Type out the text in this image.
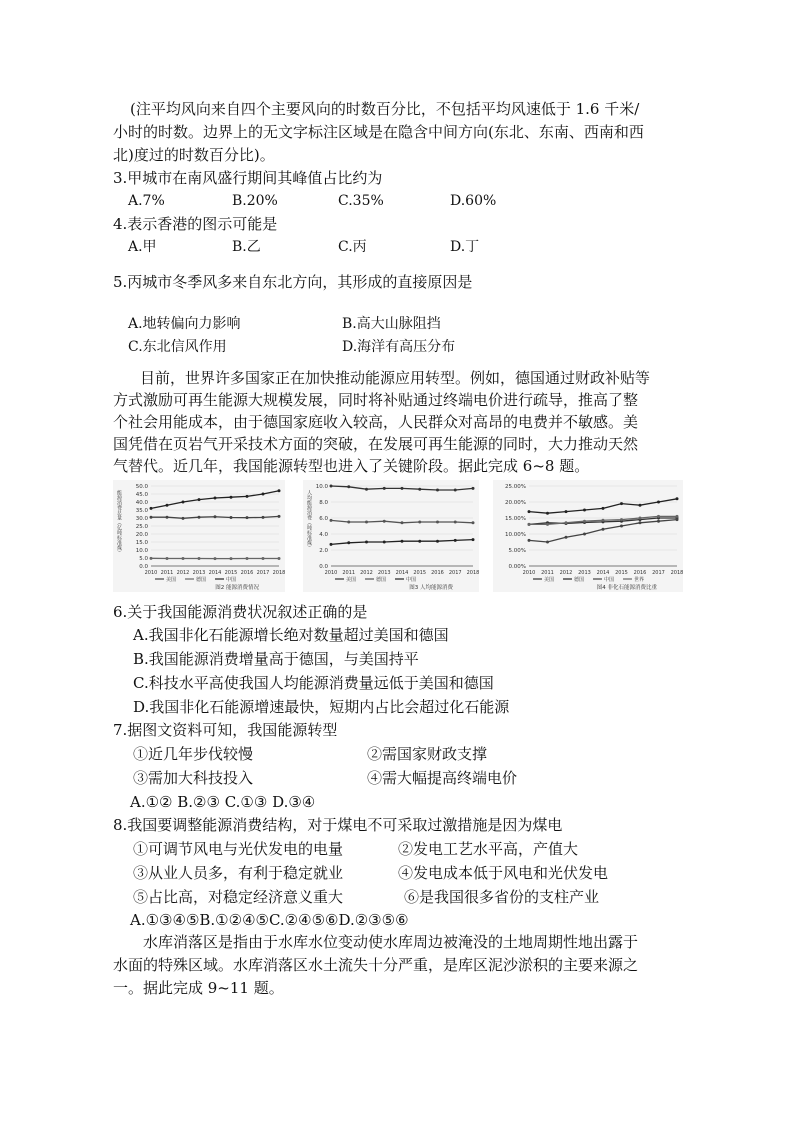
(注平均风向来自四个主要风向的时数百分比，不包括平均风速低于 1.6 千米/
小时的时数。边界上的无文字标注区域是在隐含中间方向(东北、东南、西南和西
北)度过的时数百分比)。
3.甲城市在南风盛行期间其峰值占比约为
A.7%	B.20%	C.35%	D.60%
4.表示香港的图示可能是
A.甲	B.乙	C.丙	D.丁
5.丙城市冬季风多来自东北方向，其形成的直接原因是
A.地转偏向力影响	B.高大山脉阻挡
C.东北信风作用	D.海洋有高压分布
目前，世界许多国家正在加快推动能源应用转型。例如，德国通过财政补贴等
方式激励可再生能源大规模发展，同时将补贴通过终端电价进行疏导，推高了整
个社会用能成本，由于德国家庭收入较高，人民群众对高昂的电费并不敏感。美
国凭借在页岩气开采技术方面的突破，在发展可再生能源的同时，大力推动天然
气替代。近几年，我国能源转型也进入了关键阶段。据此完成 6~8 题。
0.0
5.0
10.0
15.0
20.0
25.0
30.0
35.0
40.0
45.0
50.0
2010 2011 2012 2013 2014 2015 2016 2017 2018
美国	德国	中国
图2 能源消费情况
能源消费总量（亿吨标准煤）
0.0
2.0
4.0
6.0
8.0
10.0
2010 2011 2012 2013 2014 2015 2016 2017 2018
美国	德国	中国
图3 人均能源消费
人均能源消费（吨标准煤）
0.00%
5.00%
10.00%
15.00%
20.00%
25.00%
2010 2011 2012 2013 2014 2015 2016 2017 2018
美国	德国	中国	世界
图4 非化石能源消费比重
6.关于我国能源消费状况叙述正确的是
A.我国非化石能源增长绝对数量超过美国和德国
B.我国能源消费增量高于德国，与美国持平
C.科技水平高使我国人均能源消费量远低于美国和德国
D.我国非化石能源增速最快，短期内占比会超过化石能源
7.据图文资料可知，我国能源转型
①近几年步伐较慢	②需国家财政支撑
③需加大科技投入	④需大幅提高终端电价
A.①② B.②③ C.①③ D.③④
8.我国要调整能源消费结构，对于煤电不可采取过激措施是因为煤电
①可调节风电与光伏发电的电量	②发电工艺水平高，产值大
③从业人员多，有利于稳定就业	④发电成本低于风电和光伏发电
⑤占比高，对稳定经济意义重大	⑥是我国很多省份的支柱产业
A.①③④⑤B.①②④⑤C.②④⑤⑥D.②③⑤⑥
水库消落区是指由于水库水位变动使水库周边被淹没的土地周期性地出露于
水面的特殊区域。水库消落区水土流失十分严重，是库区泥沙淤积的主要来源之
一。据此完成 9~11 题。
